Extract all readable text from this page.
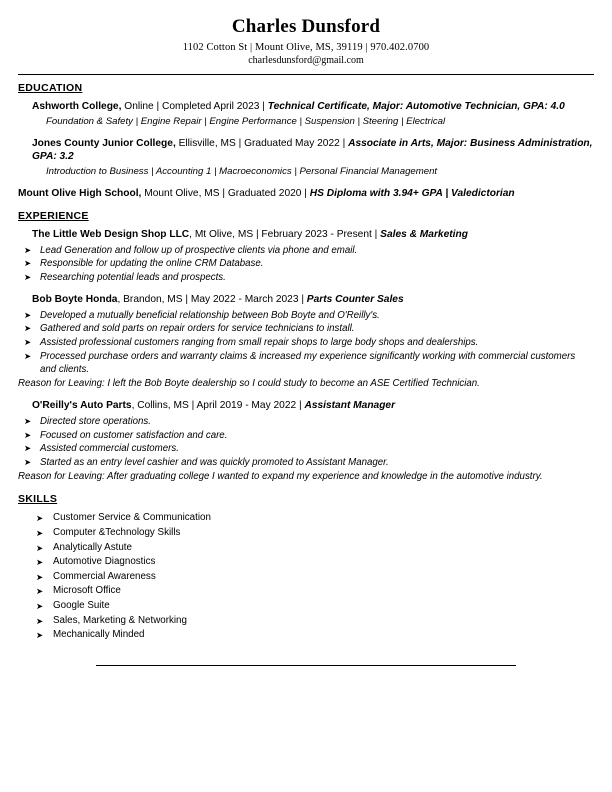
Charles Dunsford
1102 Cotton St | Mount Olive, MS, 39119 | 970.402.0700
charlesdunsford@gmail.com
EDUCATION
Ashworth College, Online | Completed April 2023 | Technical Certificate, Major: Automotive Technician, GPA: 4.0
Foundation & Safety | Engine Repair | Engine Performance | Suspension | Steering | Electrical
Jones County Junior College, Ellisville, MS | Graduated May 2022 | Associate in Arts, Major: Business Administration, GPA: 3.2
Introduction to Business | Accounting 1 | Macroeconomics | Personal Financial Management
Mount Olive High School, Mount Olive, MS | Graduated 2020 | HS Diploma with 3.94+ GPA | Valedictorian
EXPERIENCE
The Little Web Design Shop LLC, Mt Olive, MS | February 2023 - Present | Sales & Marketing
➤ Lead Generation and follow up of prospective clients via phone and email.
➤ Responsible for updating the online CRM Database.
➤ Researching potential leads and prospects.
Bob Boyte Honda, Brandon, MS | May 2022 - March 2023 | Parts Counter Sales
➤ Developed a mutually beneficial relationship between Bob Boyte and O'Reilly's.
➤ Gathered and sold parts on repair orders for service technicians to install.
➤ Assisted professional customers ranging from small repair shops to large body shops and dealerships.
➤ Processed purchase orders and warranty claims & increased my experience significantly working with commercial customers and clients.
Reason for Leaving: I left the Bob Boyte dealership so I could study to become an ASE Certified Technician.
O'Reilly's Auto Parts, Collins, MS | April 2019 - May 2022 | Assistant Manager
➤ Directed store operations.
➤ Focused on customer satisfaction and care.
➤ Assisted commercial customers.
➤ Started as an entry level cashier and was quickly promoted to Assistant Manager.
Reason for Leaving: After graduating college I wanted to expand my experience and knowledge in the automotive industry.
SKILLS
➤ Customer Service & Communication
➤ Computer &Technology Skills
➤ Analytically Astute
➤ Automotive Diagnostics
➤ Commercial Awareness
➤ Microsoft Office
➤ Google Suite
➤ Sales, Marketing & Networking
➤ Mechanically Minded
